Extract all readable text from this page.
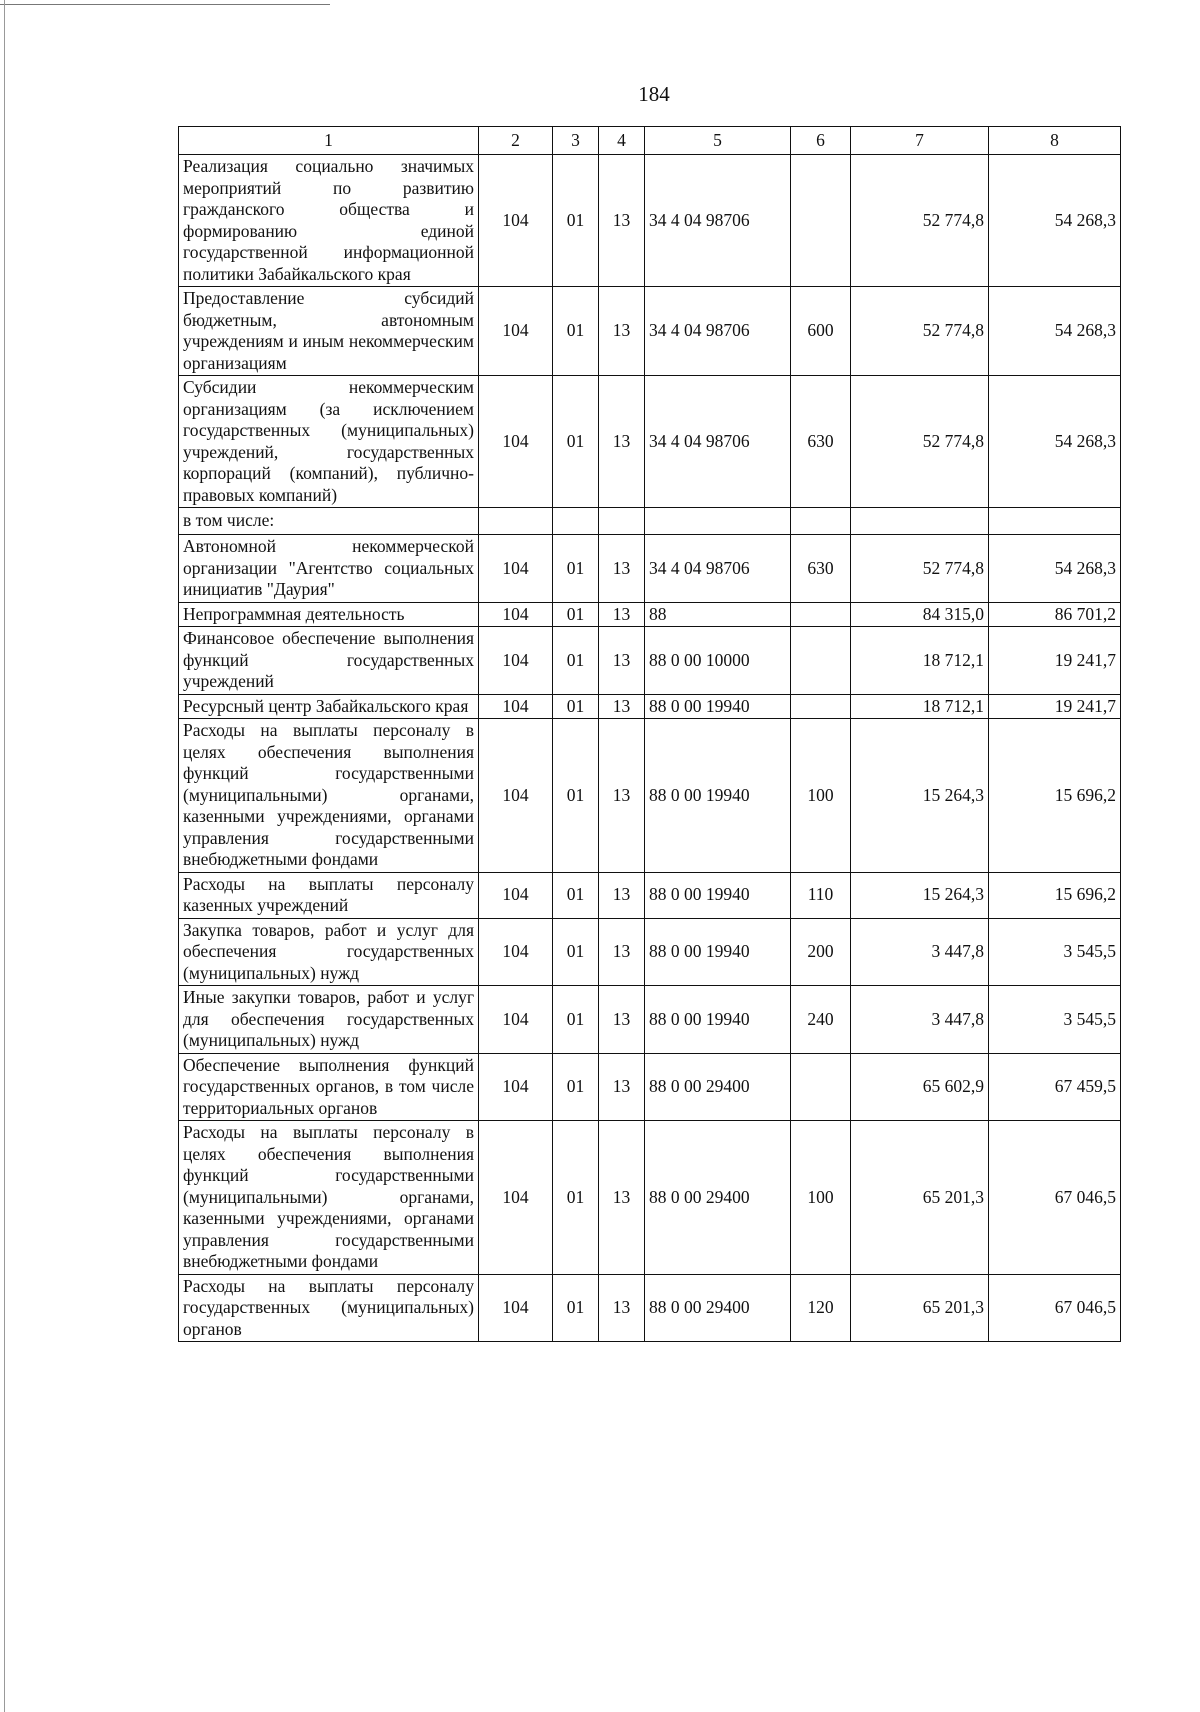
184
1	2	3	4	5	6	7	8
Реализация социально значимых мероприятий по развитию гражданского общества и формированию единой государственной информационной политики Забайкальского края	104	01	13	34 4 04 98706		52 774,8	54 268,3
Предоставление субсидий бюджетным, автономным учреждениям и иным некоммерческим организациям	104	01	13	34 4 04 98706	600	52 774,8	54 268,3
Субсидии некоммерческим организациям (за исключением государственных (муниципальных) учреждений, государственных корпораций (компаний), публично-правовых компаний)	104	01	13	34 4 04 98706	630	52 774,8	54 268,3
в том числе:							
Автономной некоммерческой организации "Агентство социальных инициатив "Даурия"	104	01	13	34 4 04 98706	630	52 774,8	54 268,3
Непрограммная деятельность	104	01	13	88		84 315,0	86 701,2
Финансовое обеспечение выполнения функций государственных учреждений	104	01	13	88 0 00 10000		18 712,1	19 241,7
Ресурсный центр Забайкальского края	104	01	13	88 0 00 19940		18 712,1	19 241,7
Расходы на выплаты персоналу в целях обеспечения выполнения функций государственными (муниципальными) органами, казенными учреждениями, органами управления государственными внебюджетными фондами	104	01	13	88 0 00 19940	100	15 264,3	15 696,2
Расходы на выплаты персоналу казенных учреждений	104	01	13	88 0 00 19940	110	15 264,3	15 696,2
Закупка товаров, работ и услуг для обеспечения государственных (муниципальных) нужд	104	01	13	88 0 00 19940	200	3 447,8	3 545,5
Иные закупки товаров, работ и услуг для обеспечения государственных (муниципальных) нужд	104	01	13	88 0 00 19940	240	3 447,8	3 545,5
Обеспечение выполнения функций государственных органов, в том числе территориальных органов	104	01	13	88 0 00 29400		65 602,9	67 459,5
Расходы на выплаты персоналу в целях обеспечения выполнения функций государственными (муниципальными) органами, казенными учреждениями, органами управления государственными внебюджетными фондами	104	01	13	88 0 00 29400	100	65 201,3	67 046,5
Расходы на выплаты персоналу государственных (муниципальных) органов	104	01	13	88 0 00 29400	120	65 201,3	67 046,5
